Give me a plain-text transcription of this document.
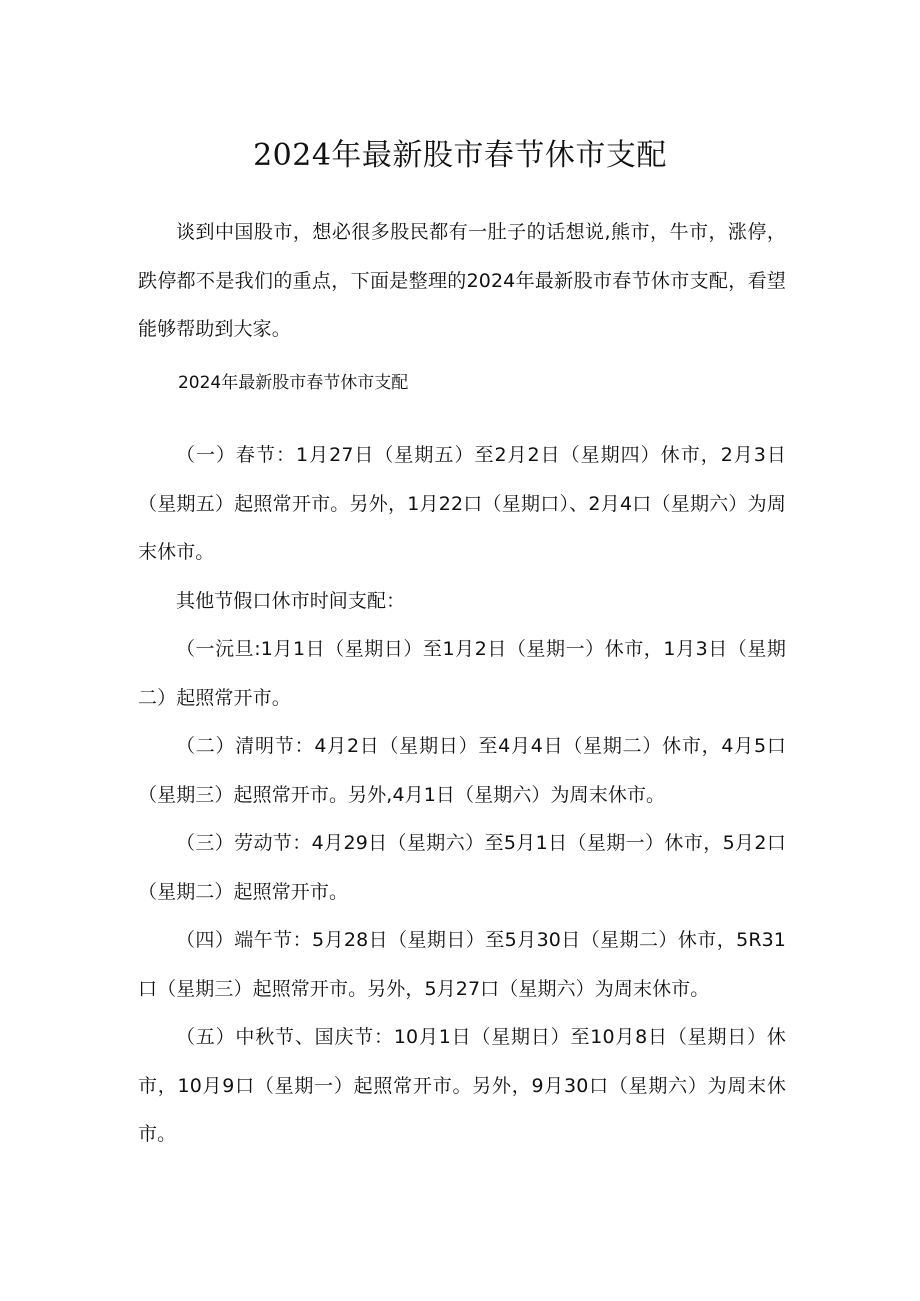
2024年最新股市春节休市支配

谈到中国股市，想必很多股民都有一肚子的话想说,熊市，牛市，涨停，跌停都不是我们的重点，下面是整理的2024年最新股市春节休市支配，看望能够帮助到大家。

2024年最新股市春节休市支配

（一）春节：1月27日（星期五）至2月2日（星期四）休市，2月3日（星期五）起照常开市。另外，1月22口（星期口）、2月4口（星期六）为周末休市。

其他节假口休市时间支配：

（一沅旦:1月1日（星期日）至1月2日（星期一）休市，1月3日（星期二）起照常开市。

（二）清明节：4月2日（星期日）至4月4日（星期二）休市，4月5口（星期三）起照常开市。另外,4月1日（星期六）为周末休市。

（三）劳动节：4月29日（星期六）至5月1日（星期一）休市，5月2口（星期二）起照常开市。

（四）端午节：5月28日（星期日）至5月30日（星期二）休市，5R31口（星期三）起照常开市。另外，5月27口（星期六）为周末休市。

（五）中秋节、国庆节：10月1日（星期日）至10月8日（星期日）休市，10月9口（星期一）起照常开市。另外，9月30口（星期六）为周末休市。
